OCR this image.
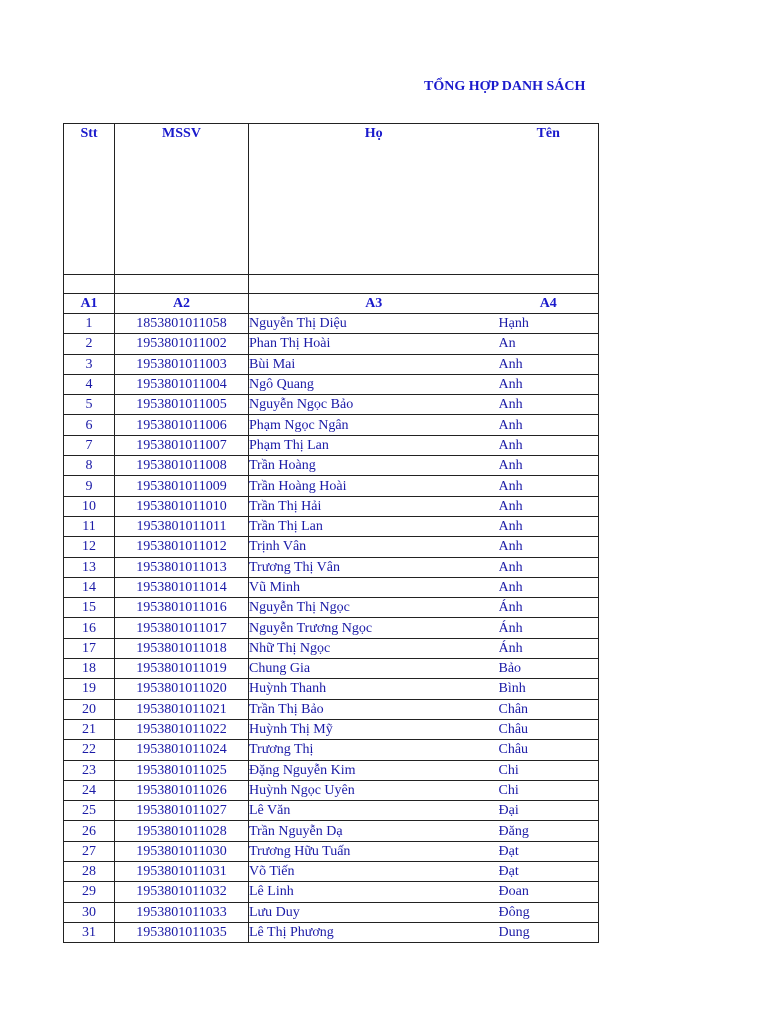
TỔNG HỢP DANH SÁCH
Stt	MSSV	Họ	Tên

A1	A2	A3	A4
1	1853801011058	Nguyễn Thị Diệu	Hạnh
2	1953801011002	Phan Thị Hoài	An
3	1953801011003	Bùi Mai	Anh
4	1953801011004	Ngô Quang	Anh
5	1953801011005	Nguyễn Ngọc Bảo	Anh
6	1953801011006	Phạm Ngọc Ngân	Anh
7	1953801011007	Phạm Thị Lan	Anh
8	1953801011008	Trần Hoàng	Anh
9	1953801011009	Trần Hoàng Hoài	Anh
10	1953801011010	Trần Thị Hải	Anh
11	1953801011011	Trần Thị Lan	Anh
12	1953801011012	Trịnh Vân	Anh
13	1953801011013	Trương Thị Vân	Anh
14	1953801011014	Vũ Minh	Anh
15	1953801011016	Nguyễn Thị Ngọc	Ánh
16	1953801011017	Nguyễn Trương Ngọc	Ánh
17	1953801011018	Nhữ Thị Ngọc	Ánh
18	1953801011019	Chung Gia	Bảo
19	1953801011020	Huỳnh Thanh	Bình
20	1953801011021	Trần Thị Bảo	Chân
21	1953801011022	Huỳnh Thị Mỹ	Châu
22	1953801011024	Trương Thị	Châu
23	1953801011025	Đặng Nguyễn Kim	Chi
24	1953801011026	Huỳnh Ngọc Uyên	Chi
25	1953801011027	Lê Văn	Đại
26	1953801011028	Trần Nguyễn Dạ	Đăng
27	1953801011030	Trương Hữu Tuấn	Đạt
28	1953801011031	Võ Tiến	Đạt
29	1953801011032	Lê Linh	Đoan
30	1953801011033	Lưu Duy	Đông
31	1953801011035	Lê Thị Phương	Dung
